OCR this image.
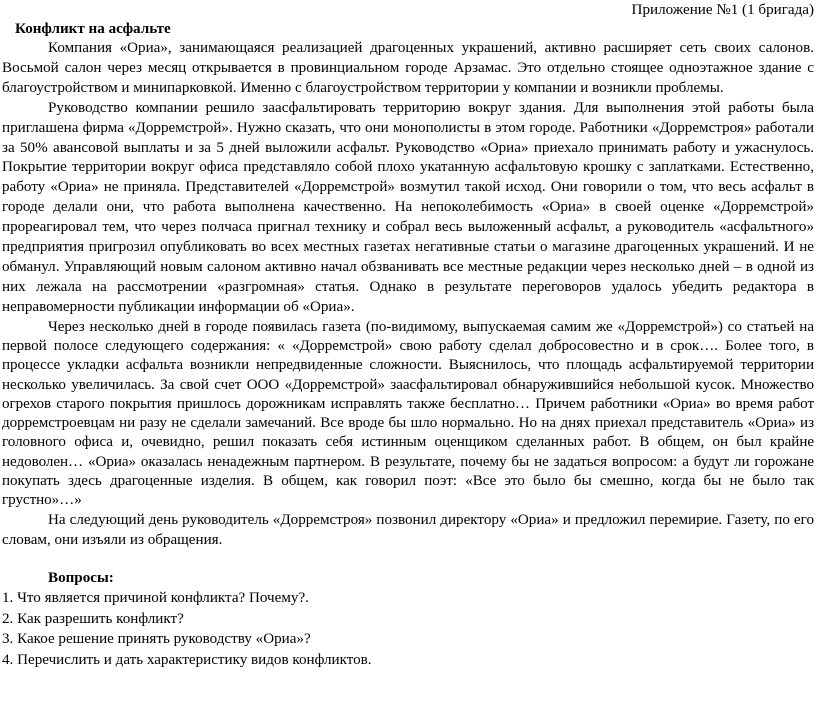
Приложение №1 (1 бригада)
Конфликт на асфальте

Компания «Ориа», занимающаяся реализацией драгоценных украшений, активно расширяет сеть своих салонов. Восьмой салон через месяц открывается в провинциальном городе Арзамас. Это отдельно стоящее одноэтажное здание с благоустройством и минипарковкой. Именно с благоустройством территории у компании и возникли проблемы.

Руководство компании решило заасфальтировать территорию вокруг здания. Для выполнения этой работы была приглашена фирма «Дорремстрой». Нужно сказать, что они монополисты в этом городе. Работники «Дорремстроя» работали за 50% авансовой выплаты и за 5 дней выложили асфальт. Руководство «Ориа» приехало принимать работу и ужаснулось. Покрытие территории вокруг офиса представляло собой плохо укатанную асфальтовую крошку с заплатками. Естественно, работу «Ориа» не приняла. Представителей «Дорремстрой» возмутил такой исход. Они говорили о том, что весь асфальт в городе делали они, что работа выполнена качественно. На непоколебимость «Ориа» в своей оценке «Дорремстрой» прореагировал тем, что через полчаса пригнал технику и собрал весь выложенный асфальт, а руководитель «асфальтного» предприятия пригрозил опубликовать во всех местных газетах негативные статьи о магазине драгоценных украшений. И не обманул. Управляющий новым салоном активно начал обзванивать все местные редакции через несколько дней – в одной из них лежала на рассмотрении «разгромная» статья. Однако в результате переговоров удалось убедить редактора в неправомерности публикации информации об «Ориа».

Через несколько дней в городе появилась газета (по-видимому, выпускаемая самим же «Дорремстрой») со статьей на первой полосе следующего содержания: « «Дорремстрой» свою работу сделал добросовестно и в срок…. Более того, в процессе укладки асфальта возникли непредвиденные сложности. Выяснилось, что площадь асфальтируемой территории несколько увеличилась. За свой счет ООО «Дорремстрой» заасфальтировал обнаружившийся небольшой кусок. Множество огрехов старого покрытия пришлось дорожникам исправлять также бесплатно… Причем работники «Ориа» во время работ дорремстроевцам ни разу не сделали замечаний. Все вроде бы шло нормально. Но на днях приехал представитель «Ориа» из головного офиса и, очевидно, решил показать себя истинным оценщиком сделанных работ. В общем, он был крайне недоволен… «Ориа» оказалась ненадежным партнером. В результате, почему бы не задаться вопросом: а будут ли горожане покупать здесь драгоценные изделия. В общем, как говорил поэт: «Все это было бы смешно, когда бы не было так грустно»…»

На следующий день руководитель «Дорремстроя» позвонил директору «Ориа» и предложил перемирие. Газету, по его словам, они изъяли из обращения.

Вопросы:
1. Что является причиной конфликта? Почему?.
2. Как разрешить конфликт?
3. Какое решение принять руководству «Ориа»?
4. Перечислить и дать характеристику видов конфликтов.
